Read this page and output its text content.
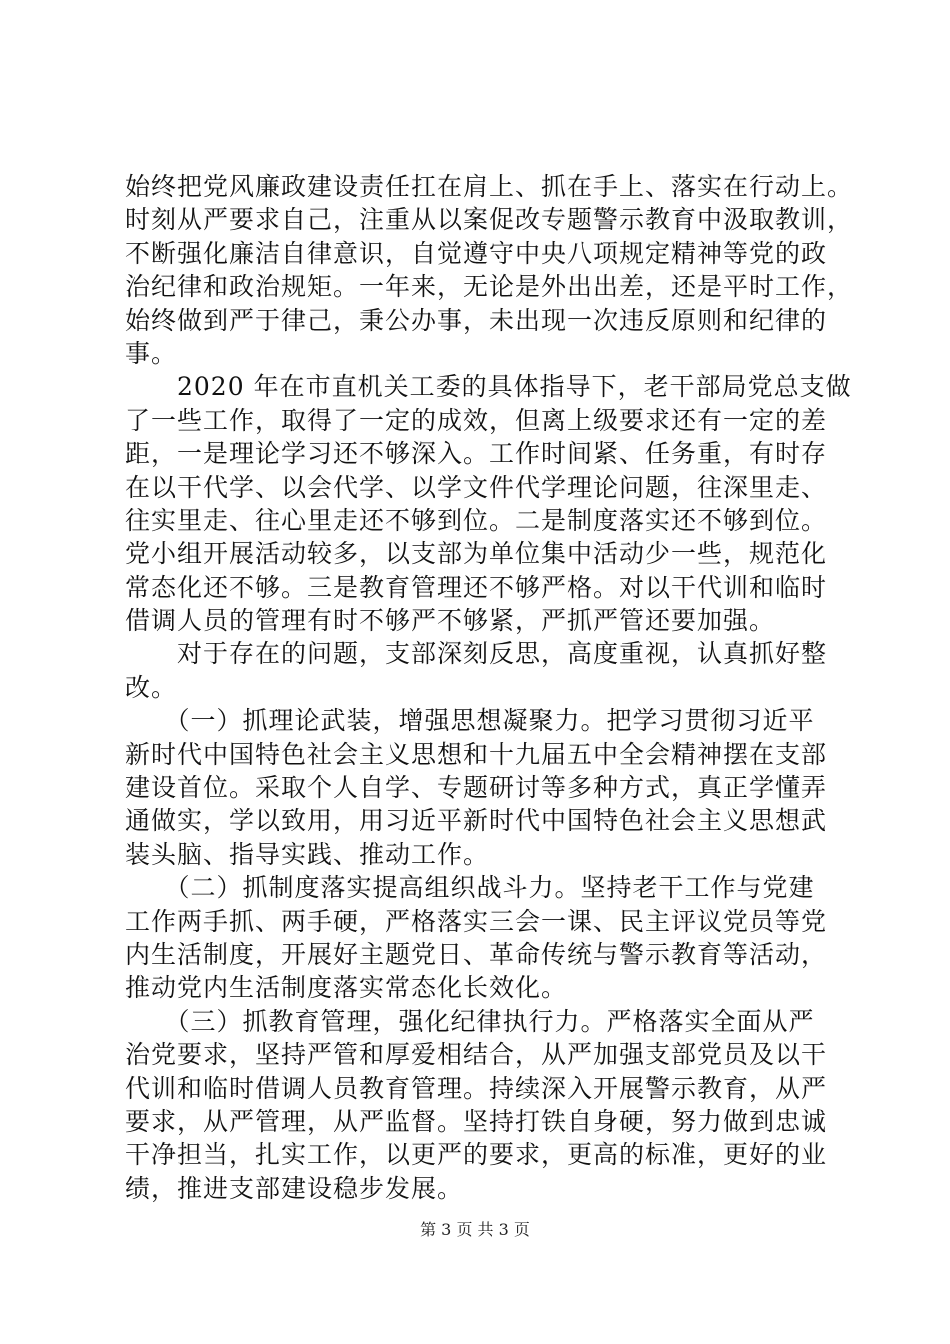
始终把党风廉政建设责任扛在肩上、抓在手上、落实在行动上。
时刻从严要求自己，注重从以案促改专题警示教育中汲取教训，
不断强化廉洁自律意识，自觉遵守中央八项规定精神等党的政
治纪律和政治规矩。一年来，无论是外出出差，还是平时工作，
始终做到严于律己，秉公办事，未出现一次违反原则和纪律的
事。
　　2020 年在市直机关工委的具体指导下，老干部局党总支做
了一些工作，取得了一定的成效，但离上级要求还有一定的差
距，一是理论学习还不够深入。工作时间紧、任务重，有时存
在以干代学、以会代学、以学文件代学理论问题，往深里走、
往实里走、往心里走还不够到位。二是制度落实还不够到位。
党小组开展活动较多，以支部为单位集中活动少一些，规范化
常态化还不够。三是教育管理还不够严格。对以干代训和临时
借调人员的管理有时不够严不够紧，严抓严管还要加强。
　　对于存在的问题，支部深刻反思，高度重视，认真抓好整
改。
　　（一）抓理论武装，增强思想凝聚力。把学习贯彻习近平
新时代中国特色社会主义思想和十九届五中全会精神摆在支部
建设首位。采取个人自学、专题研讨等多种方式，真正学懂弄
通做实，学以致用，用习近平新时代中国特色社会主义思想武
装头脑、指导实践、推动工作。
　　（二）抓制度落实提高组织战斗力。坚持老干工作与党建
工作两手抓、两手硬，严格落实三会一课、民主评议党员等党
内生活制度，开展好主题党日、革命传统与警示教育等活动，
推动党内生活制度落实常态化长效化。
　　（三）抓教育管理，强化纪律执行力。严格落实全面从严
治党要求，坚持严管和厚爱相结合，从严加强支部党员及以干
代训和临时借调人员教育管理。持续深入开展警示教育，从严
要求，从严管理，从严监督。坚持打铁自身硬，努力做到忠诚
干净担当，扎实工作，以更严的要求，更高的标准，更好的业
绩，推进支部建设稳步发展。
第 3 页 共 3 页
